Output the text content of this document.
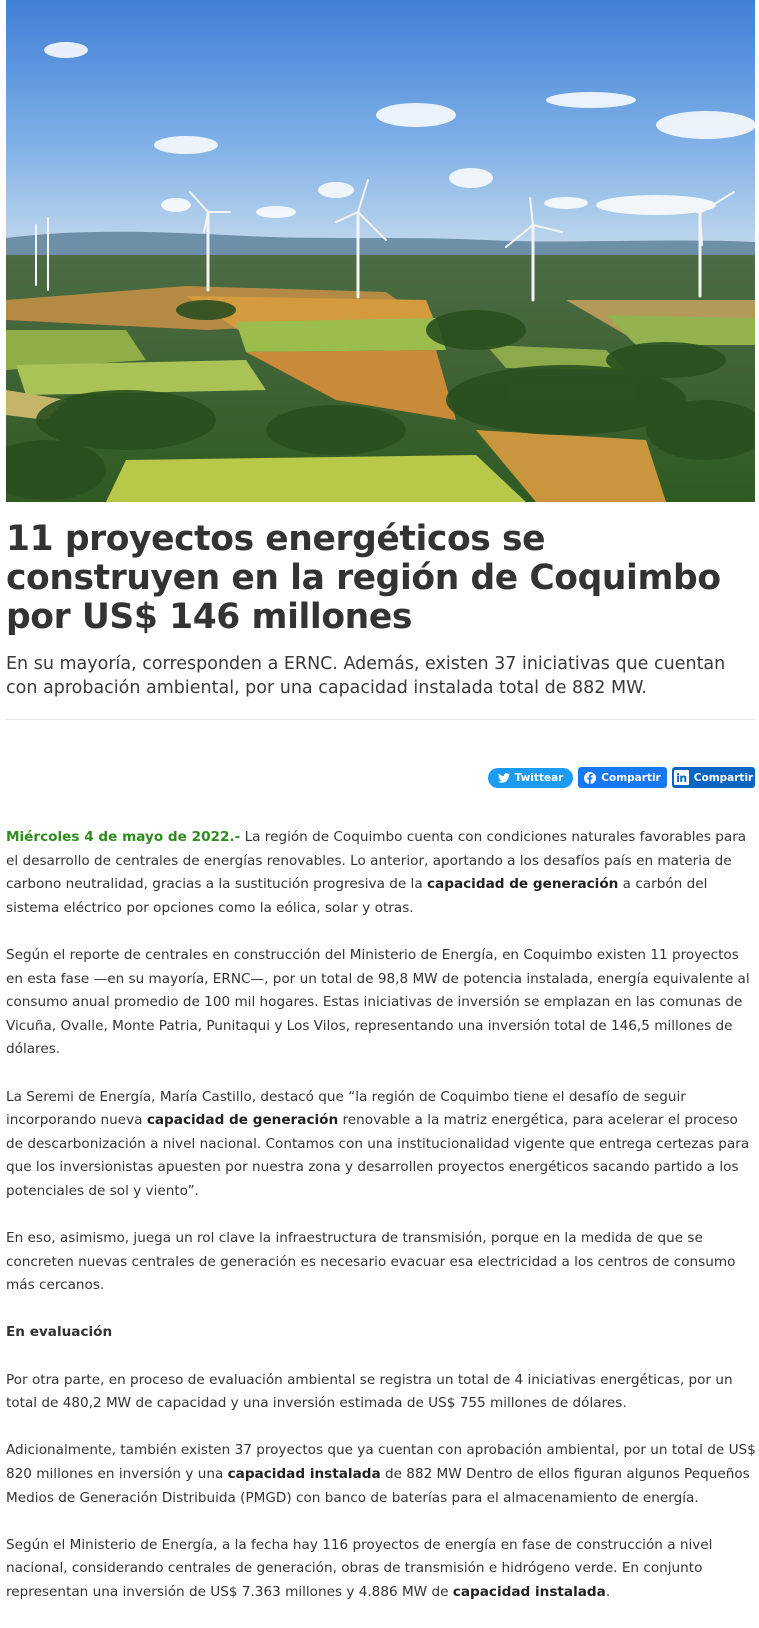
11 proyectos energéticos se construyen en la región de Coquimbo por US$ 146 millones

En su mayoría, corresponden a ERNC. Además, existen 37 iniciativas que cuentan con aprobación ambiental, por una capacidad instalada total de 882 MW.

Twittear	Compartir	Compartir

Miércoles 4 de mayo de 2022.- La región de Coquimbo cuenta con condiciones naturales favorables para el desarrollo de centrales de energías renovables. Lo anterior, aportando a los desafíos país en materia de carbono neutralidad, gracias a la sustitución progresiva de la capacidad de generación a carbón del sistema eléctrico por opciones como la eólica, solar y otras.

Según el reporte de centrales en construcción del Ministerio de Energía, en Coquimbo existen 11 proyectos en esta fase —en su mayoría, ERNC—, por un total de 98,8 MW de potencia instalada, energía equivalente al consumo anual promedio de 100 mil hogares. Estas iniciativas de inversión se emplazan en las comunas de Vicuña, Ovalle, Monte Patria, Punitaqui y Los Vilos, representando una inversión total de 146,5 millones de dólares.

La Seremi de Energía, María Castillo, destacó que “la región de Coquimbo tiene el desafío de seguir incorporando nueva capacidad de generación renovable a la matriz energética, para acelerar el proceso de descarbonización a nivel nacional. Contamos con una institucionalidad vigente que entrega certezas para que los inversionistas apuesten por nuestra zona y desarrollen proyectos energéticos sacando partido a los potenciales de sol y viento”.

En eso, asimismo, juega un rol clave la infraestructura de transmisión, porque en la medida de que se concreten nuevas centrales de generación es necesario evacuar esa electricidad a los centros de consumo más cercanos.

En evaluación

Por otra parte, en proceso de evaluación ambiental se registra un total de 4 iniciativas energéticas, por un total de 480,2 MW de capacidad y una inversión estimada de US$ 755 millones de dólares.

Adicionalmente, también existen 37 proyectos que ya cuentan con aprobación ambiental, por un total de US$ 820 millones en inversión y una capacidad instalada de 882 MW Dentro de ellos figuran algunos Pequeños Medios de Generación Distribuida (PMGD) con banco de baterías para el almacenamiento de energía.

Según el Ministerio de Energía, a la fecha hay 116 proyectos de energía en fase de construcción a nivel nacional, considerando centrales de generación, obras de transmisión e hidrógeno verde. En conjunto representan una inversión de US$ 7.363 millones y 4.886 MW de capacidad instalada.
